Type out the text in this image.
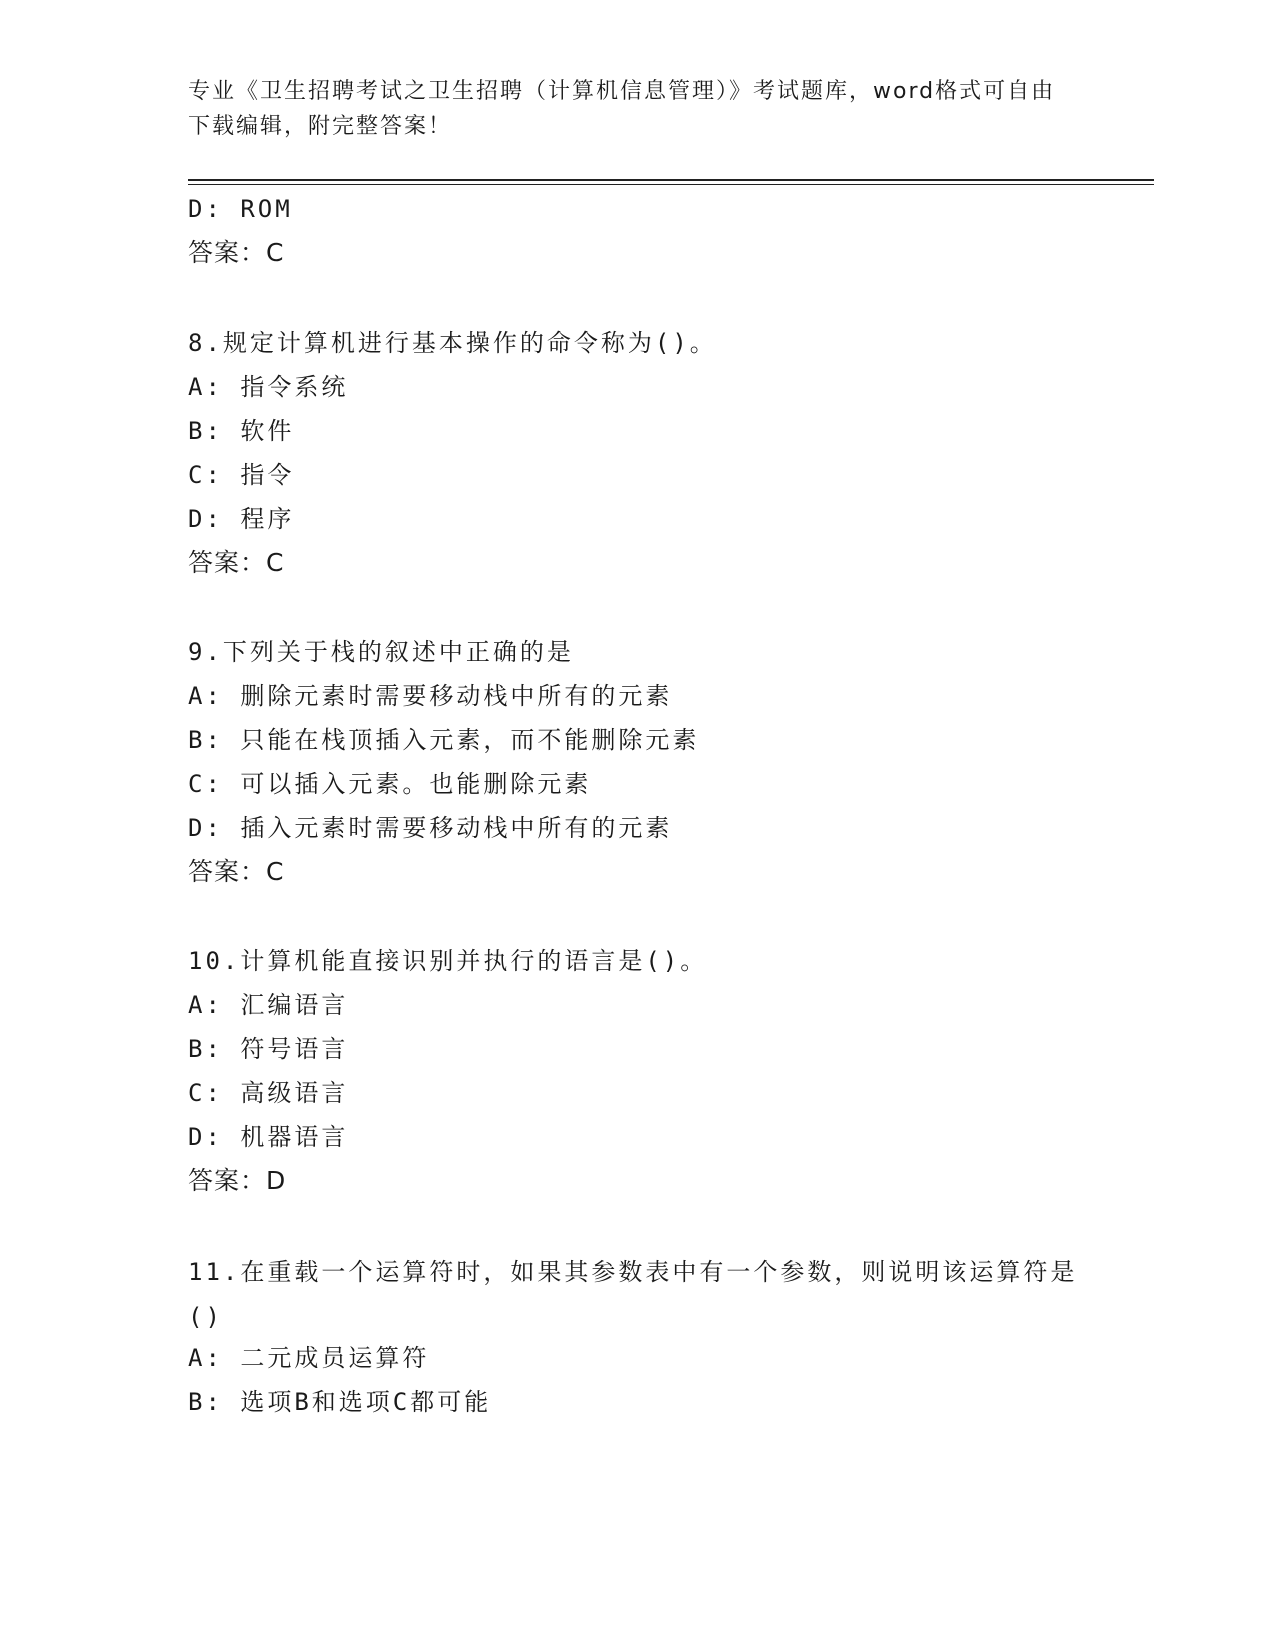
专业《卫生招聘考试之卫生招聘（计算机信息管理）》考试题库，word格式可自由下载编辑，附完整答案！
D: ROM
答案：C
8.规定计算机进行基本操作的命令称为()。
A: 指令系统
B: 软件
C: 指令
D: 程序
答案：C
9.下列关于栈的叙述中正确的是
A: 删除元素时需要移动栈中所有的元素
B: 只能在栈顶插入元素，而不能删除元素
C: 可以插入元素。也能删除元素
D: 插入元素时需要移动栈中所有的元素
答案：C
10.计算机能直接识别并执行的语言是()。
A: 汇编语言
B: 符号语言
C: 高级语言
D: 机器语言
答案：D
11.在重载一个运算符时，如果其参数表中有一个参数，则说明该运算符是()
A: 二元成员运算符
B: 选项B和选项C都可能
